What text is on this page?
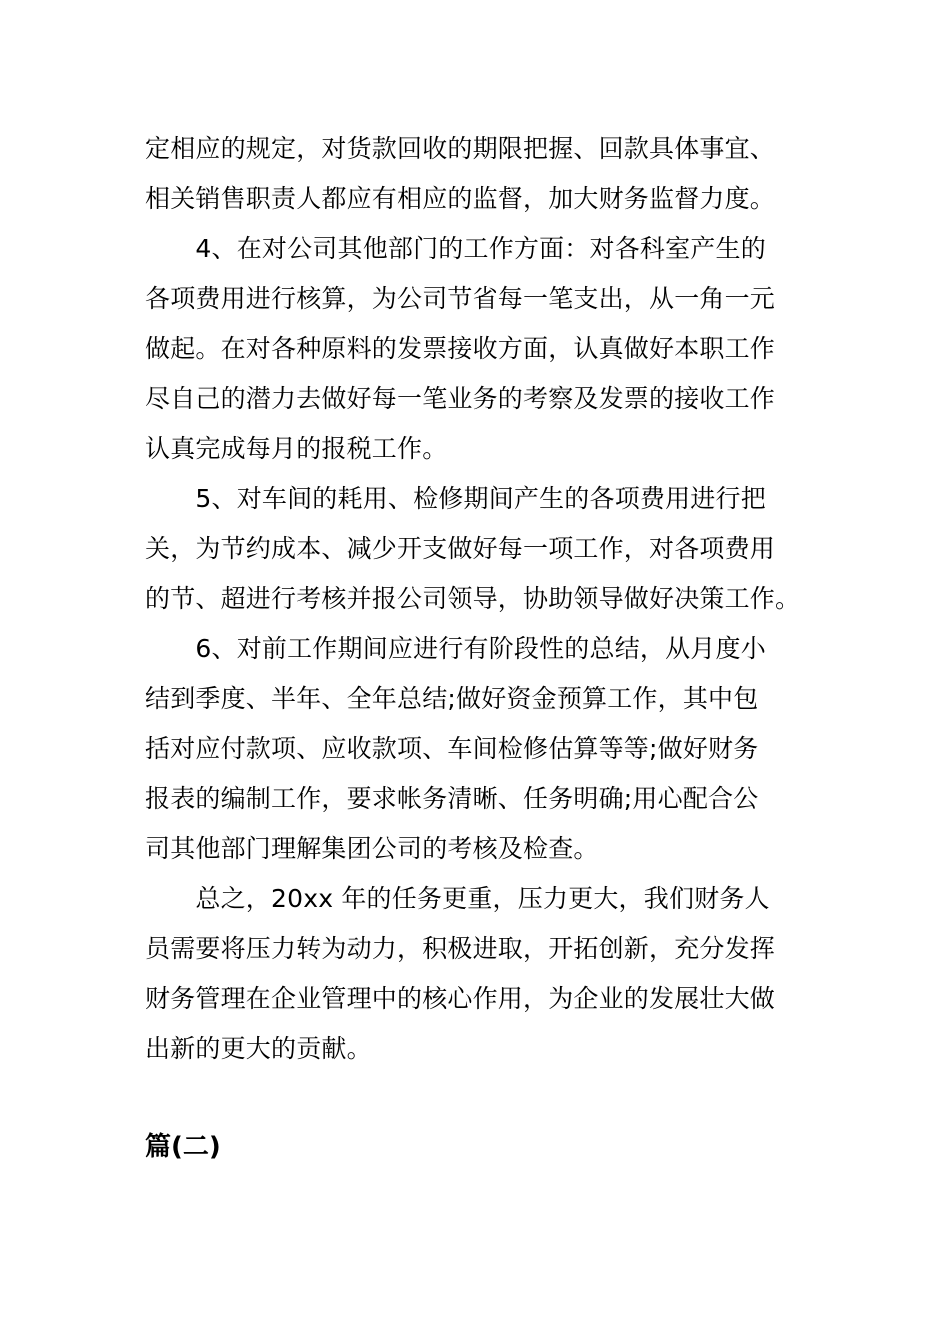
定相应的规定，对货款回收的期限把握、回款具体事宜、
相关销售职责人都应有相应的监督，加大财务监督力度。
　　4、在对公司其他部门的工作方面：对各科室产生的
各项费用进行核算，为公司节省每一笔支出，从一角一元
做起。在对各种原料的发票接收方面，认真做好本职工作
尽自己的潜力去做好每一笔业务的考察及发票的接收工作
认真完成每月的报税工作。
　　5、对车间的耗用、检修期间产生的各项费用进行把
关，为节约成本、减少开支做好每一项工作，对各项费用
的节、超进行考核并报公司领导，协助领导做好决策工作。
　　6、对前工作期间应进行有阶段性的总结，从月度小
结到季度、半年、全年总结;做好资金预算工作，其中包
括对应付款项、应收款项、车间检修估算等等;做好财务
报表的编制工作，要求帐务清晰、任务明确;用心配合公
司其他部门理解集团公司的考核及检查。
　　总之，20xx 年的任务更重，压力更大，我们财务人
员需要将压力转为动力，积极进取，开拓创新，充分发挥
财务管理在企业管理中的核心作用，为企业的发展壮大做
出新的更大的贡献。
篇(二)
